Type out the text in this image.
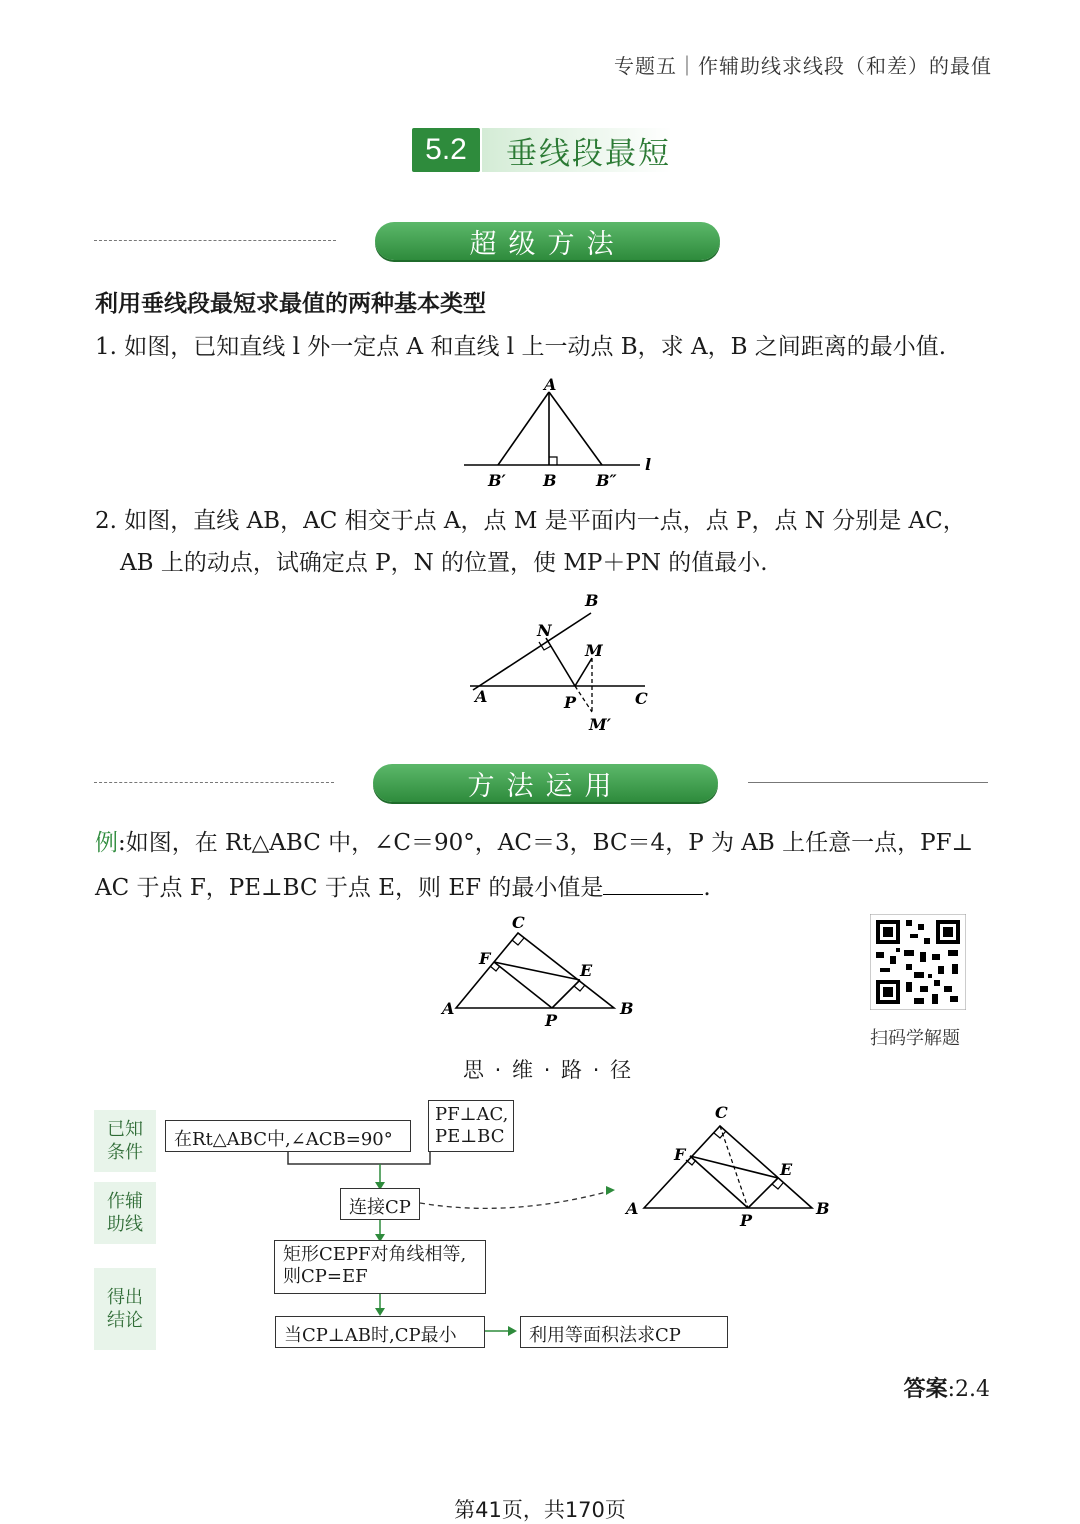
专题五｜作辅助线求线段（和差）的最值
5.2	垂线段最短
超级方法
利用垂线段最短求最值的两种基本类型
1. 如图，已知直线 l 外一定点 A 和直线 l 上一动点 B，求 A，B 之间距离的最小值.
A
B′ B B″
l
2. 如图，直线 AB，AC 相交于点 A，点 M 是平面内一点，点 P，点 N 分别是 AC，
AB 上的动点，试确定点 P，N 的位置，使 MP＋PN 的值最小.
B
N
M
A	P	C
M′
方法运用
例:如图，在 Rt△ABC 中，∠C＝90°，AC＝3，BC＝4，P 为 AB 上任意一点，PF⊥
AC 于点 F，PE⊥BC 于点 E，则 EF 的最小值是	.
C
F
E
A
P
B
扫码学解题
思 · 维 · 路 · 径
已知
条件
作辅
助线
得出
结论
在Rt△ABC中,∠ACB=90°
PF⊥AC,
PE⊥BC
连接CP
矩形CEPF对角线相等,
则CP=EF
当CP⊥AB时,CP最小	利用等面积法求CP
C
F
E
A
P
B
答案:2.4
第41页，共170页
